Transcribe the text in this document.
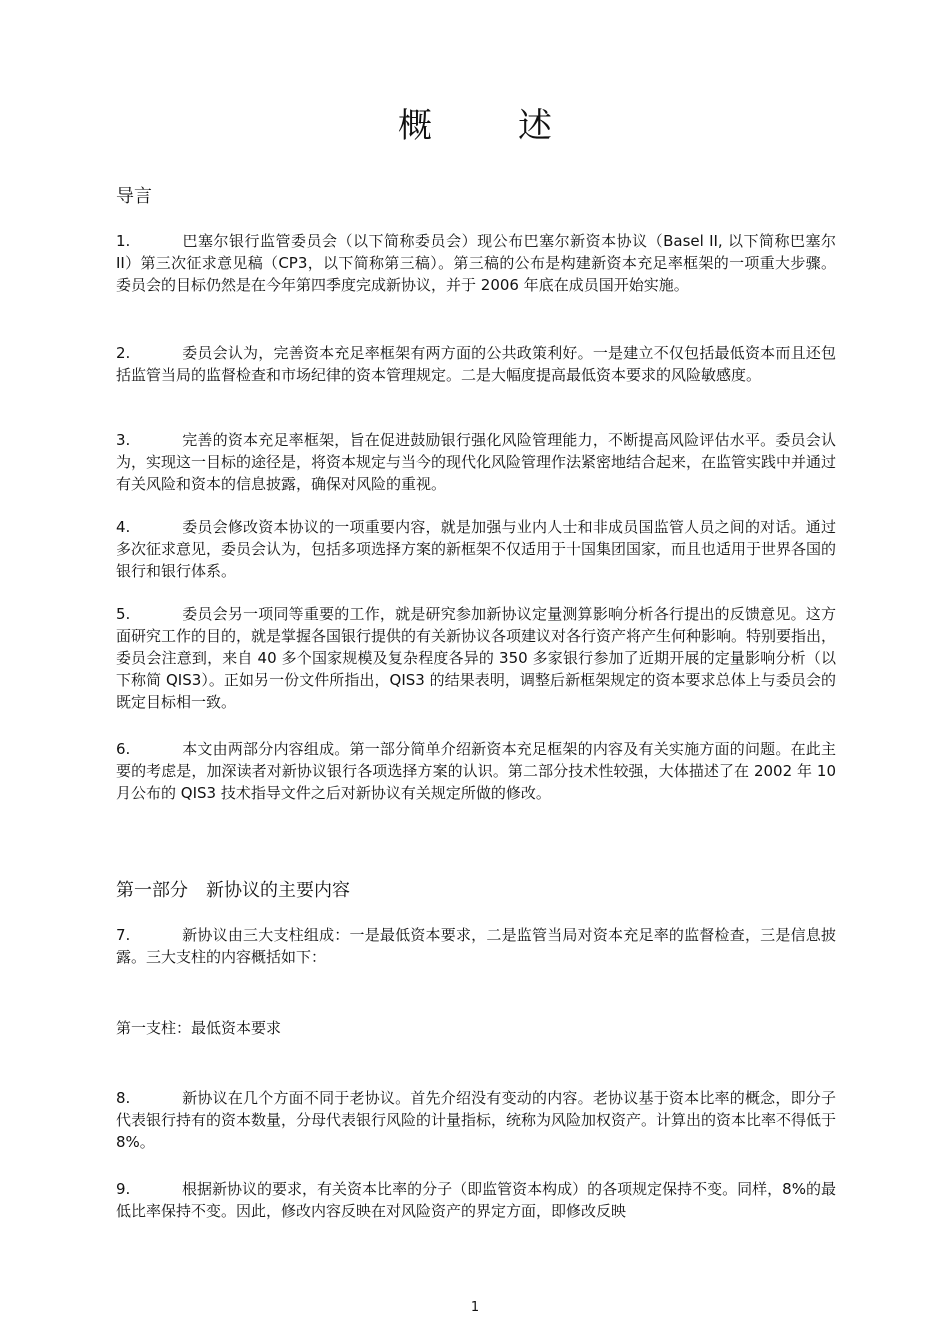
概　述
导言
1.	巴塞尔银行监管委员会（以下简称委员会）现公布巴塞尔新资本协议（Basel II, 以下简称巴塞尔 II）第三次征求意见稿（CP3，以下简称第三稿）。第三稿的公布是构建新资本充足率框架的一项重大步骤。委员会的目标仍然是在今年第四季度完成新协议，并于 2006 年底在成员国开始实施。
2.	委员会认为，完善资本充足率框架有两方面的公共政策利好。一是建立不仅包括最低资本而且还包括监管当局的监督检查和市场纪律的资本管理规定。二是大幅度提高最低资本要求的风险敏感度。
3.	完善的资本充足率框架，旨在促进鼓励银行强化风险管理能力，不断提高风险评估水平。委员会认为，实现这一目标的途径是，将资本规定与当今的现代化风险管理作法紧密地结合起来，在监管实践中并通过有关风险和资本的信息披露，确保对风险的重视。
4.	委员会修改资本协议的一项重要内容，就是加强与业内人士和非成员国监管人员之间的对话。通过多次征求意见，委员会认为，包括多项选择方案的新框架不仅适用于十国集团国家，而且也适用于世界各国的银行和银行体系。
5.	委员会另一项同等重要的工作，就是研究参加新协议定量测算影响分析各行提出的反馈意见。这方面研究工作的目的，就是掌握各国银行提供的有关新协议各项建议对各行资产将产生何种影响。特别要指出，委员会注意到，来自 40 多个国家规模及复杂程度各异的 350 多家银行参加了近期开展的定量影响分析（以下称简 QIS3）。正如另一份文件所指出，QIS3 的结果表明，调整后新框架规定的资本要求总体上与委员会的既定目标相一致。
6.	本文由两部分内容组成。第一部分简单介绍新资本充足框架的内容及有关实施方面的问题。在此主要的考虑是，加深读者对新协议银行各项选择方案的认识。第二部分技术性较强，大体描述了在 2002 年 10 月公布的 QIS3 技术指导文件之后对新协议有关规定所做的修改。
第一部分　新协议的主要内容
7.	新协议由三大支柱组成：一是最低资本要求，二是监管当局对资本充足率的监督检查，三是信息披露。三大支柱的内容概括如下：
第一支柱：最低资本要求
8.	新协议在几个方面不同于老协议。首先介绍没有变动的内容。老协议基于资本比率的概念，即分子代表银行持有的资本数量，分母代表银行风险的计量指标，统称为风险加权资产。计算出的资本比率不得低于 8%。
9.	根据新协议的要求，有关资本比率的分子（即监管资本构成）的各项规定保持不变。同样，8%的最低比率保持不变。因此，修改内容反映在对风险资产的界定方面，即修改反映
1
